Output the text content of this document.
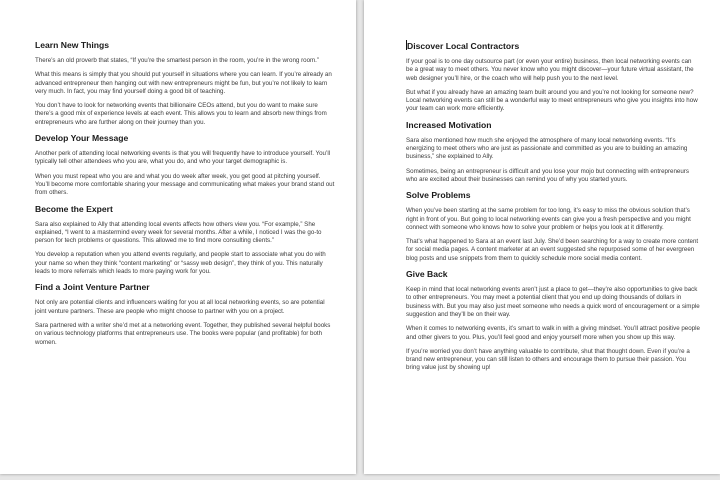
Learn New Things

There’s an old proverb that states, “If you’re the smartest person in the room, you’re in the wrong room.”

What this means is simply that you should put yourself in situations where you can learn. If you’re already an advanced entrepreneur then hanging out with new entrepreneurs might be fun, but you’re not likely to learn very much. In fact, you may find yourself doing a good bit of teaching.

You don’t have to look for networking events that billionaire CEOs attend, but you do want to make sure there’s a good mix of experience levels at each event. This allows you to learn and absorb new things from entrepreneurs who are further along on their journey than you.

Develop Your Message

Another perk of attending local networking events is that you will frequently have to introduce yourself. You’ll typically tell other attendees who you are, what you do, and who your target demographic is.

When you must repeat who you are and what you do week after week, you get good at pitching yourself. You’ll become more comfortable sharing your message and communicating what makes your brand stand out from others.

Become the Expert

Sara also explained to Ally that attending local events affects how others view you. “For example,” She explained, “I went to a mastermind every week for several months. After a while, I noticed I was the go-to person for tech problems or questions. This allowed me to find more consulting clients.”

You develop a reputation when you attend events regularly, and people start to associate what you do with your name so when they think “content marketing” or “sassy web design”, they think of you. This naturally leads to more referrals which leads to more paying work for you.

Find a Joint Venture Partner

Not only are potential clients and influencers waiting for you at all local networking events, so are potential joint venture partners. These are people who might choose to partner with you on a project.

Sara partnered with a writer she’d met at a networking event. Together, they published several helpful books on various technology platforms that entrepreneurs use. The books were popular (and profitable) for both women.

Discover Local Contractors

If your goal is to one day outsource part (or even your entire) business, then local networking events can be a great way to meet others. You never know who you might discover—your future virtual assistant, the web designer you’ll hire, or the coach who will help push you to the next level.

But what if you already have an amazing team built around you and you’re not looking for someone new? Local networking events can still be a wonderful way to meet entrepreneurs who give you insights into how your team can work more efficiently.

Increased Motivation

Sara also mentioned how much she enjoyed the atmosphere of many local networking events. “It’s energizing to meet others who are just as passionate and committed as you are to building an amazing business,” she explained to Ally.

Sometimes, being an entrepreneur is difficult and you lose your mojo but connecting with entrepreneurs who are excited about their businesses can remind you of why you started yours.

Solve Problems

When you’ve been starting at the same problem for too long, it’s easy to miss the obvious solution that’s right in front of you. But going to local networking events can give you a fresh perspective and you might connect with someone who knows how to solve your problem or helps you look at it differently.

That’s what happened to Sara at an event last July. She’d been searching for a way to create more content for social media pages. A content marketer at an event suggested she repurposed some of her evergreen blog posts and use snippets from them to quickly schedule more social media content.

Give Back

Keep in mind that local networking events aren’t just a place to get—they’re also opportunities to give back to other entrepreneurs. You may meet a potential client that you end up doing thousands of dollars in business with. But you may also just meet someone who needs a quick word of encouragement or a simple suggestion and they’ll be on their way.

When it comes to networking events, it’s smart to walk in with a giving mindset. You’ll attract positive people and other givers to you. Plus, you’ll feel good and enjoy yourself more when you show up this way.

If you’re worried you don’t have anything valuable to contribute, shut that thought down. Even if you’re a brand new entrepreneur, you can still listen to others and encourage them to pursue their passion. You bring value just by showing up!
